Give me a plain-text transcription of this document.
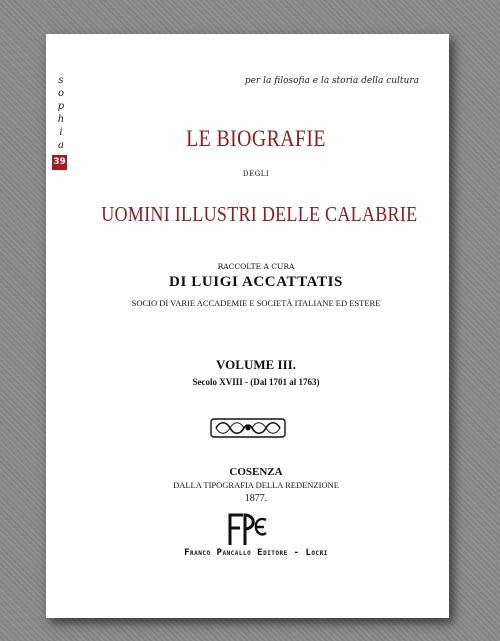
s
o
p
h
i
a
39
per la filosofia e la storia della cultura
LE BIOGRAFIE
DEGLI
UOMINI ILLUSTRI DELLE CALABRIE
RACCOLTE A CURA
DI LUIGI ACCATTATIS
SOCIO DI VARIE ACCADEMIE E SOCIETÀ ITALIANE ED ESTERE
VOLUME III.
Secolo XVIII - (Dal 1701 al 1763)
COSENZA
DALLA TIPOGRAFIA DELLA REDENZIONE
1877.
Franco Pancallo Editore - Locri
